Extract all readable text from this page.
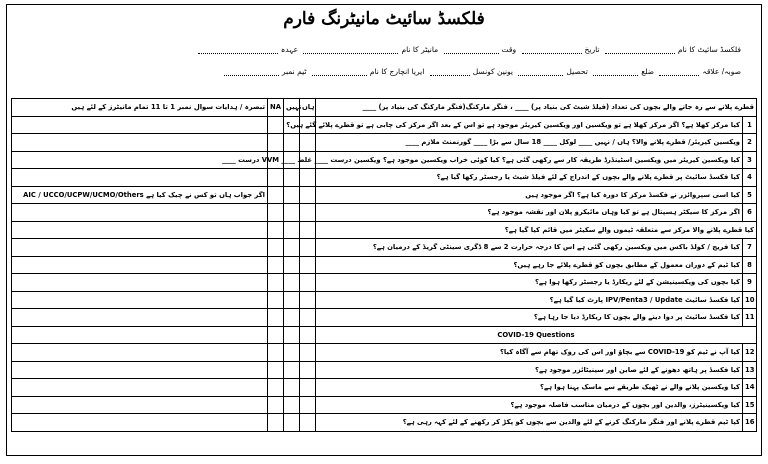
فلکسڈ سائیٹ مانیٹرنگ فارم
فلکسڈ سائیٹ کا نام تاریخ وقت مانیٹر کا نام عہدہ
صوبہ/ علاقہ ضلع تحصیل یونین کونسل ایریا انچارج کا نام ٹیم نمبر
تبصرہ / ہدایات سوال نمبر 1 تا 11 تمام مانیٹرز کے لئے ہیں	NA	نہیں	ہاں	قطرے پلانے سے رہ جانے والے بچوں کی تعداد (فیلڈ شیٹ کی بنیاد پر) ____ ، فنگر مارکنگ(فنگر مارکنگ کی بنیاد پر) ____	
				کیا مرکز کھلا ہے؟ اگر مرکز کھلا ہے تو ویکسین اور ویکسین کیریئر موجود ہے تو اس کے بعد اگر مرکز کی چابی ہے تو قطرے پلائے گئے ہیں؟	1
				ویکسین کیریئر/ قطرے پلانے والا؟ ہاں / نہیں ____ لوکل ____ 18 سال سے بڑا ____ گورنمنٹ ملازم ____	2
				کیا ویکسین کیریئر میں ویکسین اسٹینڈرڈ طریقہ کار سے رکھی گئی ہے؟ کیا کوئی خراب ویکسین موجود ہے؟ ویکسین درست ____ غلط ____ VVM درست ____	3
				کیا فکسڈ سائیٹ پر قطرے پلانے والے بچوں کے اندراج کے لئے فیلڈ شیٹ یا رجسٹر رکھا گیا ہے؟	4
AIC / UCCO/UCPW/UCMO/Others اگر جواب ہاں تو کس نے چیک کیا ہے				کیا اسی سپروائزر نے فکسڈ مرکز کا دورہ کیا ہے؟ اگر موجود ہیں	5
				اگر مرکز کا سیکٹر ہسپتال ہے تو کیا وہاں مائیکرو پلان اور نقشہ موجود ہے؟	6
				کیا قطرے پلانے والا مرکز سے متعلقہ ٹیموں والے سکیٹر میں قائم کیا گیا ہے؟	
				کیا فریج / کولڈ باکس میں ویکسین رکھی گئی ہے اس کا درجہ حرارت 2 سے 8 ڈگری سینٹی گریڈ کے درمیان ہے؟	7
				کیا ٹیم کے دوران معمول کے مطابق بچوں کو قطرے پلائے جا رہے ہیں؟	8
				کیا بچوں کی ویکسینیشن کے لئے ریکارڈ یا رجسٹر رکھا ہوا ہے؟	9
				کیا فکسڈ سائیٹ IPV/Penta3 / Update پارٹ کیا گیا ہے؟	10
				کیا فکسڈ سائیٹ پر دوا دینے والے بچوں کا ریکارڈ دیا جا رہا ہے؟	11
				COVID-19 Questions	
				کیا آپ نے ٹیم کو COVID-19 سے بچاؤ اور اس کی روک تھام سے آگاہ کیا؟	12
				کیا فکسڈ پر ہاتھ دھونے کے لئے صابن اور سینیٹائزر موجود ہے؟	13
				کیا ویکسین پلانے والے نے ٹھیک طریقے سے ماسک پہنا ہوا ہے؟	14
				کیا ویکسینیٹرز، والدین اور بچوں کے درمیان مناسب فاصلہ موجود ہے؟	15
				کیا ٹیم قطرے پلانے اور فنگر مارکنگ کرنے کے لئے والدین سے بچوں کو پکڑ کر رکھنے کے لئے کہہ رہی ہے؟	16
